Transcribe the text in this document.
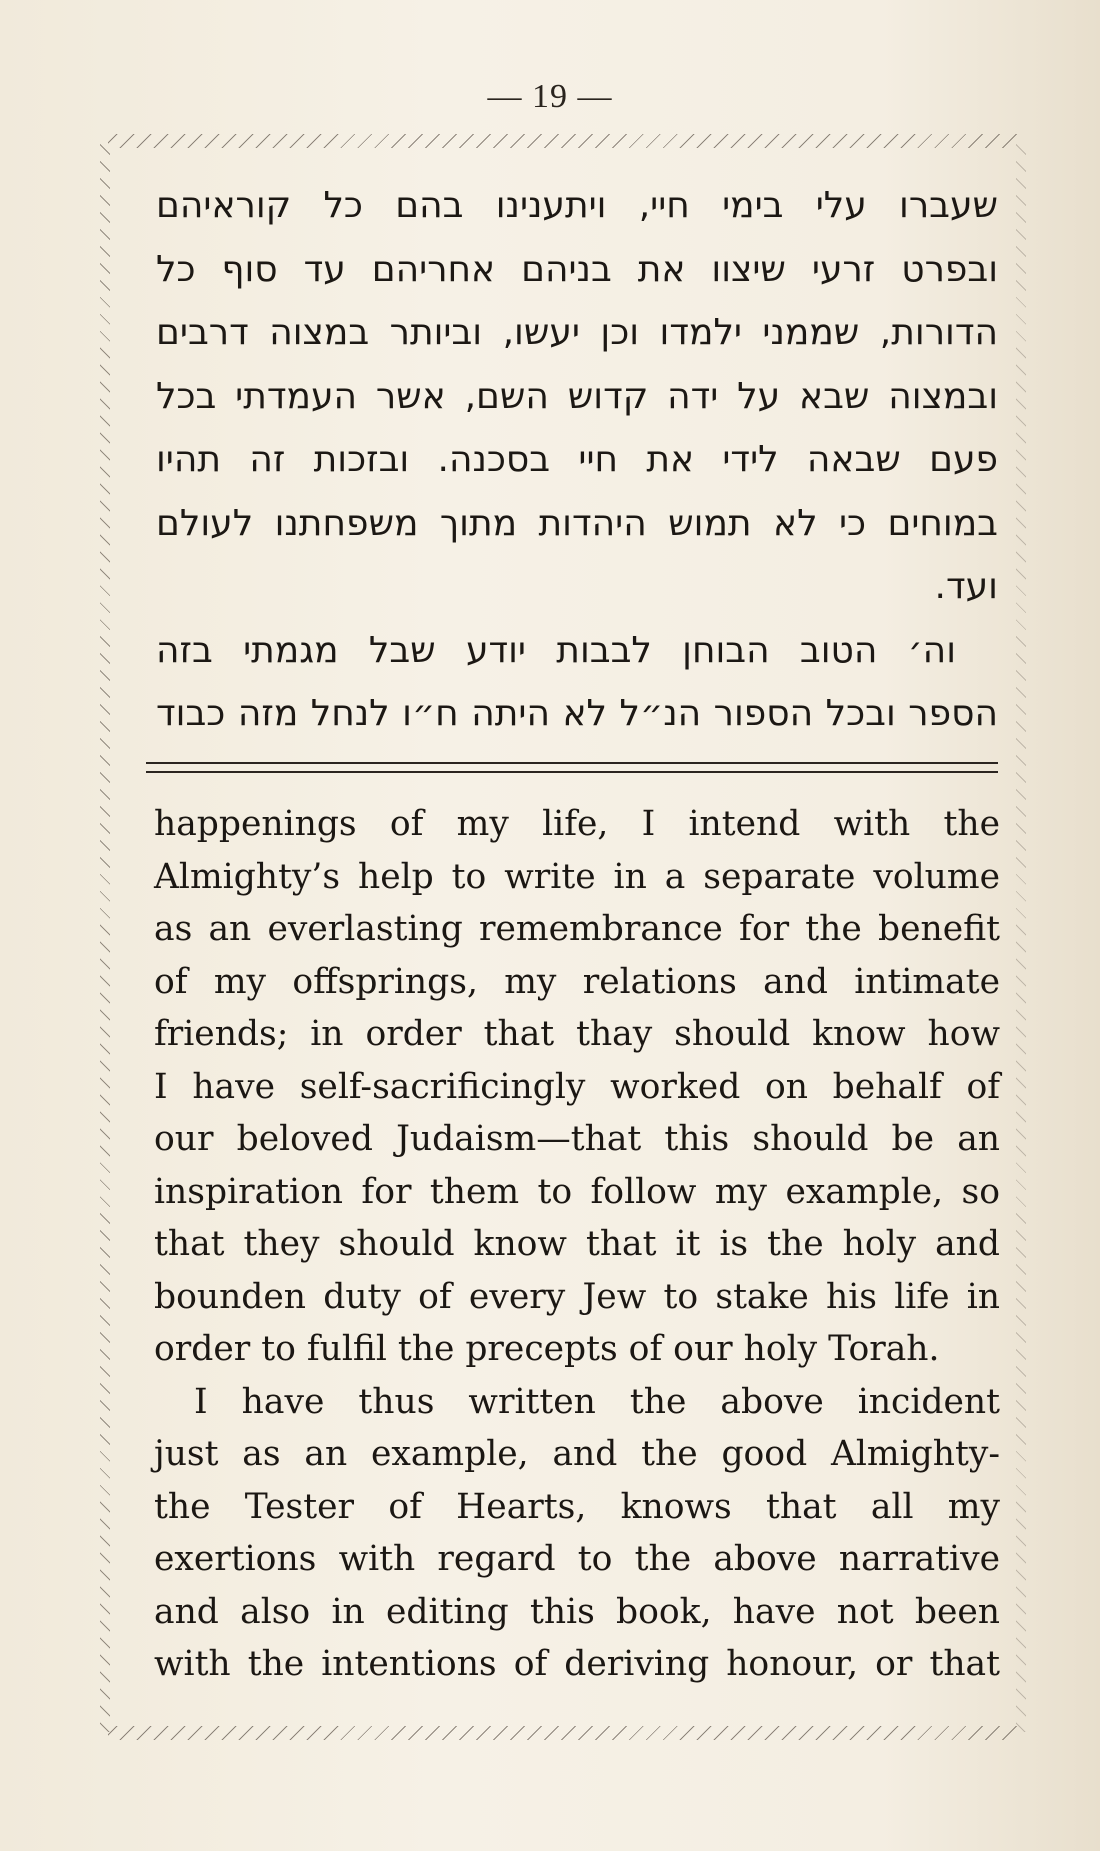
— 19 —
שעברו עלי בימי חיי, ויתענינו בהם כל קוראיהם
ובפרט זרעי שיצוו את בניהם אחריהם עד סוף כל
הדורות, שממני ילמדו וכן יעשו, וביותר במצוה דרבים
ובמצוה שבא על ידה קדוש השם, אשר העמדתי בכל
פעם שבאה לידי את חיי בסכנה. ובזכות זה תהיו
במוחים כי לא תמוש היהדות מתוך משפחתנו לעולם
ועד.
וה׳ הטוב הבוחן לבבות יודע שבל מגמתי בזה
הספר ובכל הספור הנ״ל לא היתה ח״ו לנחל מזה כבוד
happenings of my life, I intend with the
Almighty’s help to write in a separate volume
as an everlasting remembrance for the benefit
of my offsprings, my relations and intimate
friends; in order that thay should know how
I have self-sacrificingly worked on behalf of
our beloved Judaism—that this should be an
inspiration for them to follow my example, so
that they should know that it is the holy and
bounden duty of every Jew to stake his life in
order to fulfil the precepts of our holy Torah.
I have thus written the above incident
just as an example, and the good Almighty-
the Tester of Hearts, knows that all my
exertions with regard to the above narrative
and also in editing this book, have not been
with the intentions of deriving honour, or that
